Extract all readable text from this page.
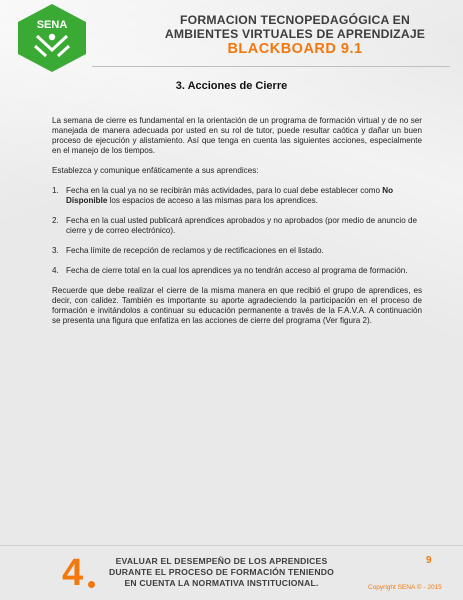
SENA	FORMACION TECNOPEDAGÓGICA EN
AMBIENTES VIRTUALES DE APRENDIZAJE
BLACKBOARD 9.1
3. Acciones de Cierre

La semana de cierre es fundamental en la orientación de un programa de formación virtual y de no ser manejada de manera adecuada por usted en su rol de tutor, puede resultar caótica y dañar un buen proceso de ejecución y alistamiento. Así que tenga en cuenta las siguientes acciones, especialmente en el manejo de los tiempos.

Establezca y comunique enfáticamente a sus aprendices:

1. Fecha en la cual ya no se recibirán más actividades, para lo cual debe establecer como No Disponible los espacios de acceso a las mismas para los aprendices.
2. Fecha en la cual usted publicará aprendices aprobados y no aprobados (por medio de anuncio de cierre y de correo electrónico).
3. Fecha límite de recepción de reclamos y de rectificaciones en el listado.
4. Fecha de cierre total en la cual los aprendices ya no tendrán acceso al programa de formación.

Recuerde que debe realizar el cierre de la misma manera en que recibió el grupo de aprendices, es decir, con calidez. También es importante su aporte agradeciendo la participación en el proceso de formación e invitándolos a continuar su educación permanente a través de la F.A.V.A. A continuación se presenta una figura que enfatiza en las acciones de cierre del programa (Ver figura 2).

4	EVALUAR EL DESEMPEÑO DE LOS APRENDICES
DURANTE EL PROCESO DE FORMACIÓN TENIENDO
EN CUENTA LA NORMATIVA INSTITUCIONAL.
9
Copyright SENA © - 2015
